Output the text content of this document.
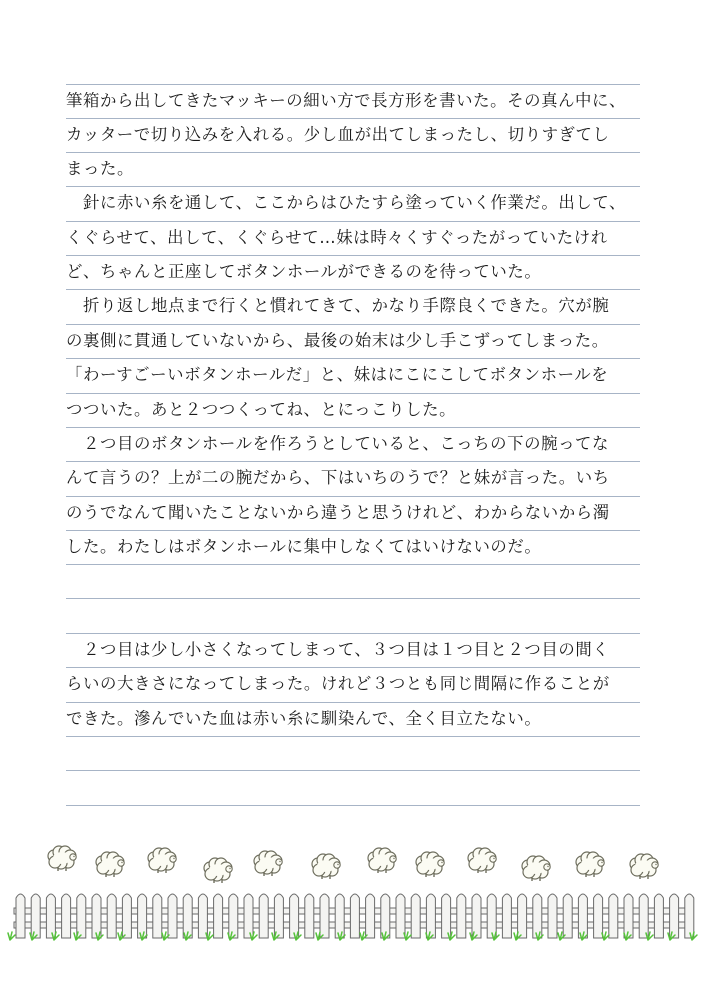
筆箱から出してきたマッキーの細い方で長方形を書いた。その真ん中に、
カッターで切り込みを入れる。少し血が出てしまったし、切りすぎてし
まった。
　針に赤い糸を通して、ここからはひたすら塗っていく作業だ。出して、
くぐらせて、出して、くぐらせて…妹は時々くすぐったがっていたけれ
ど、ちゃんと正座してボタンホールができるのを待っていた。
　折り返し地点まで行くと慣れてきて、かなり手際良くできた。穴が腕
の裏側に貫通していないから、最後の始末は少し手こずってしまった。
「わーすごーいボタンホールだ」と、妹はにこにこしてボタンホールを
つついた。あと２つつくってね、とにっこりした。
　２つ目のボタンホールを作ろうとしていると、こっちの下の腕ってな
んて言うの？上が二の腕だから、下はいちのうで？と妹が言った。いち
のうでなんて聞いたことないから違うと思うけれど、わからないから濁
した。わたしはボタンホールに集中しなくてはいけないのだ。
　２つ目は少し小さくなってしまって、３つ目は１つ目と２つ目の間く
らいの大きさになってしまった。けれど３つとも同じ間隔に作ることが
できた。滲んでいた血は赤い糸に馴染んで、全く目立たない。
